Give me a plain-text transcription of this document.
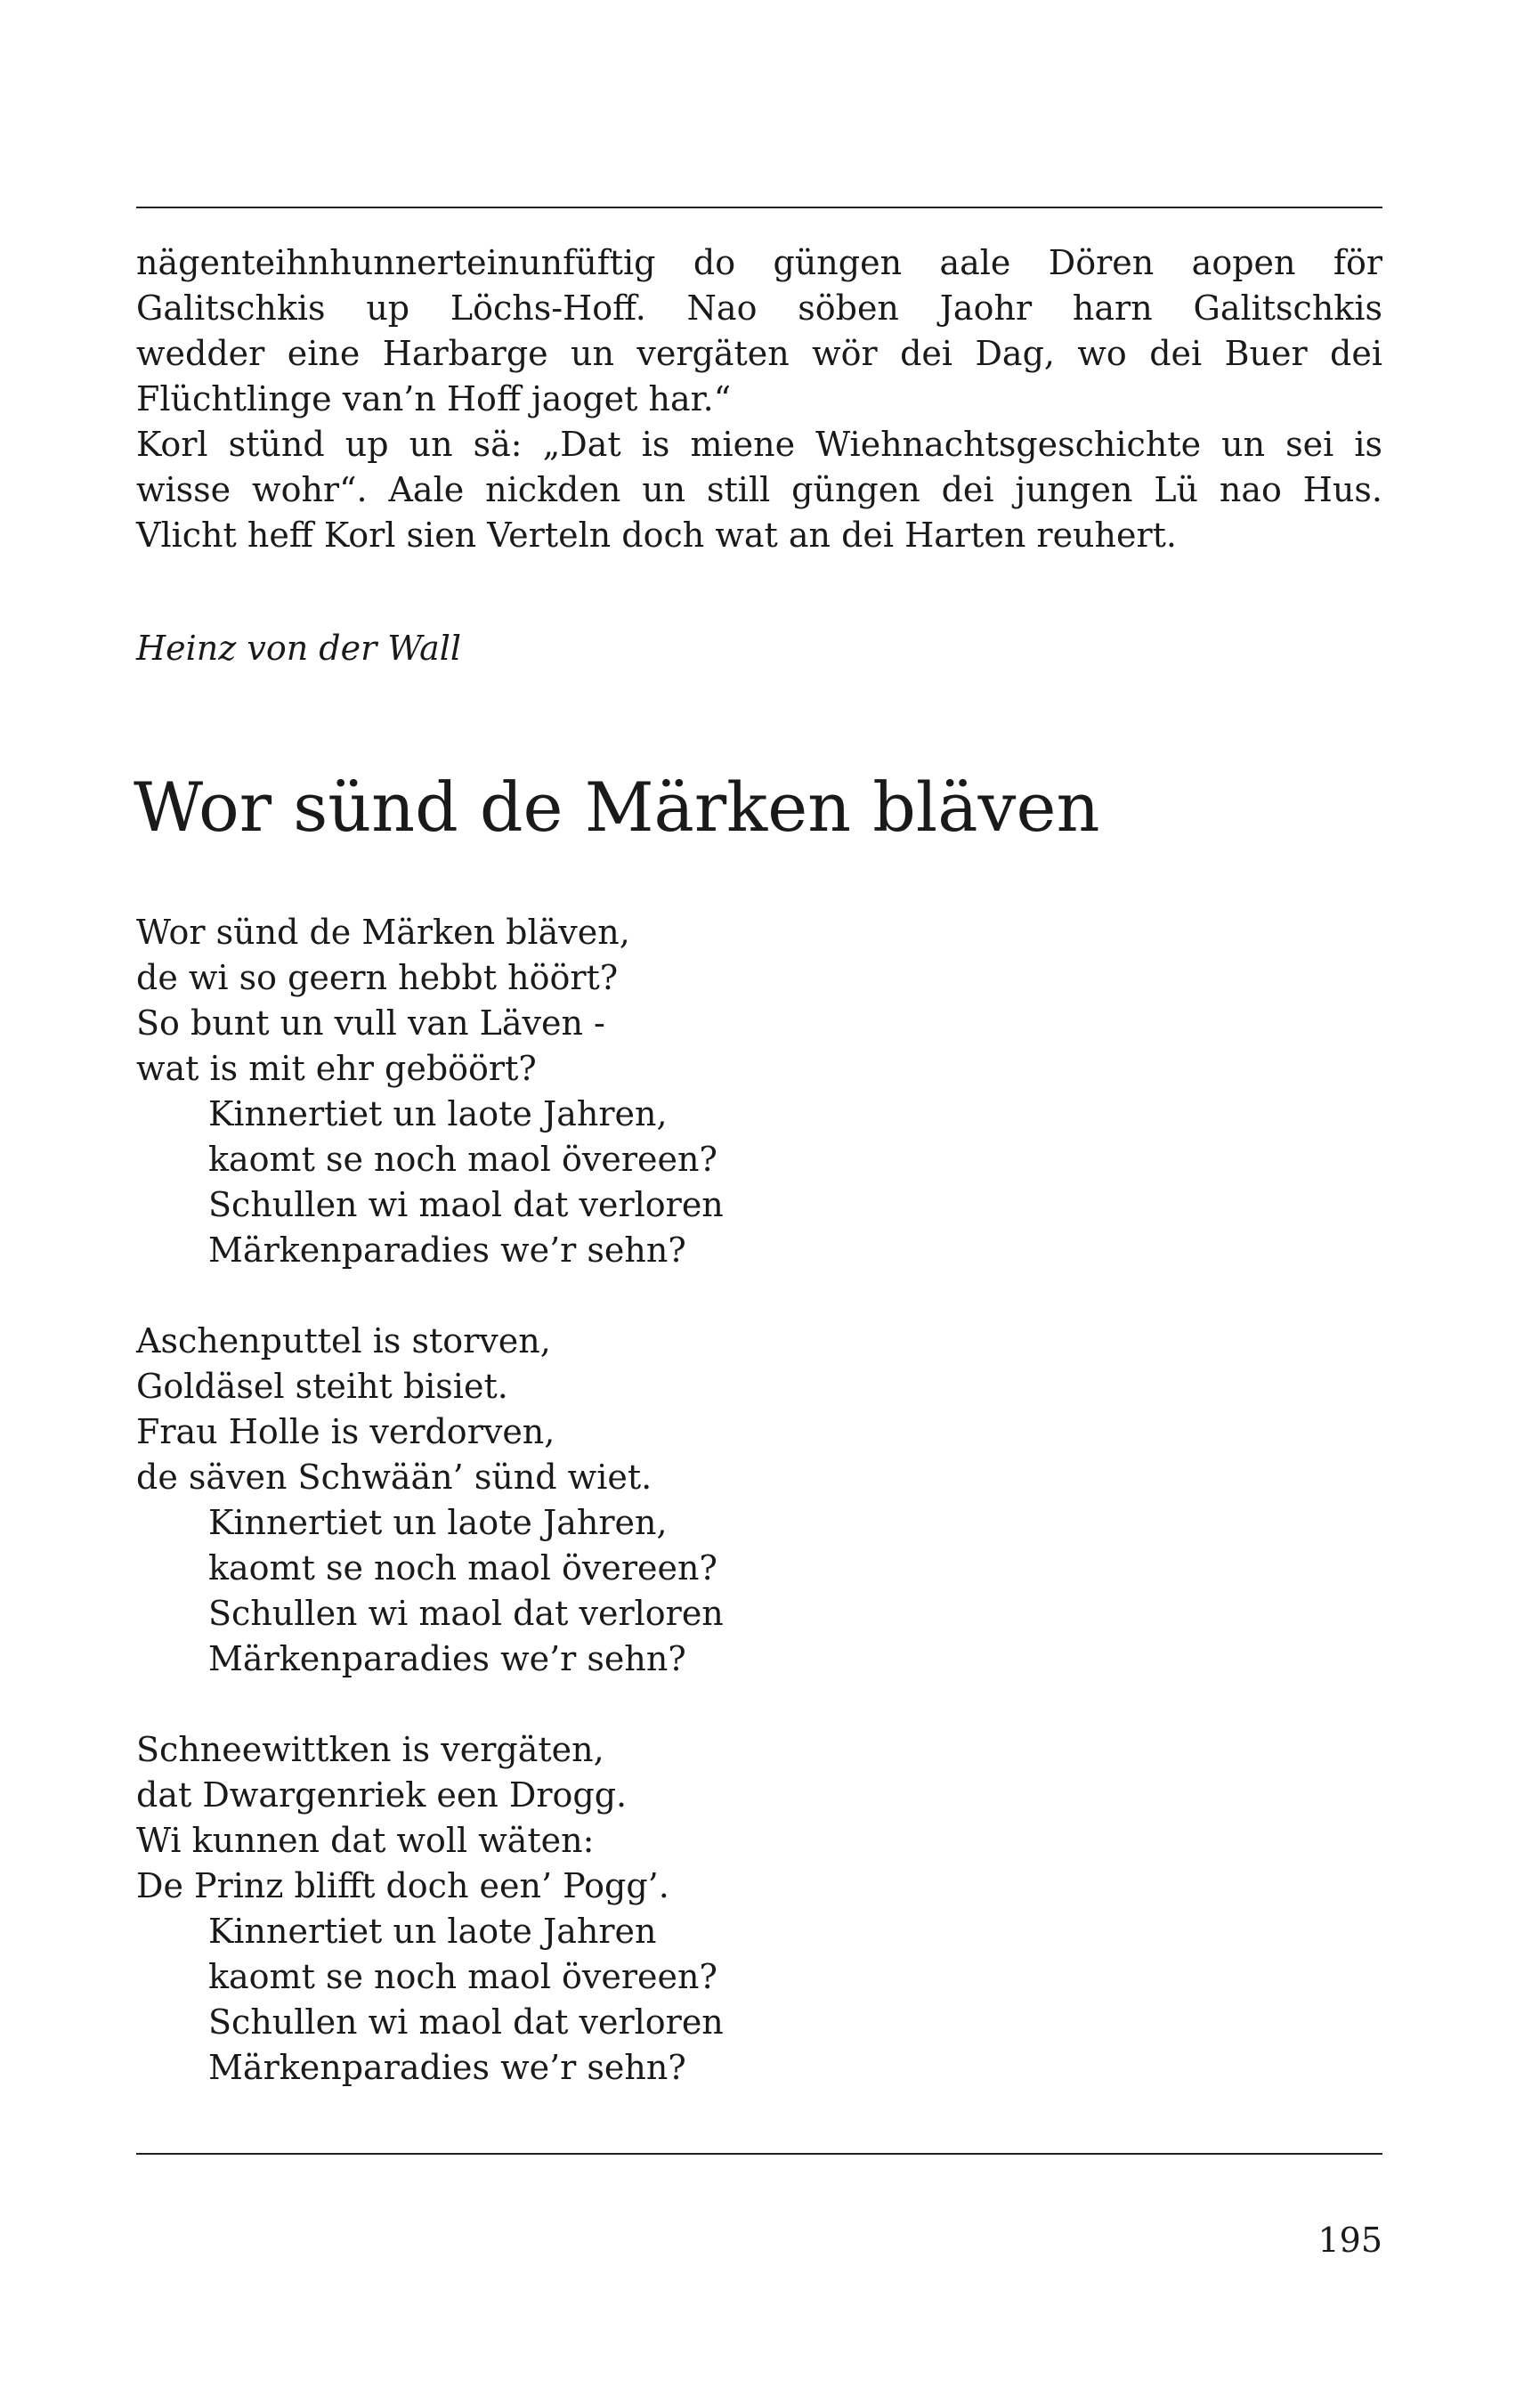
nägenteihnhunnerteinunfüftig do güngen aale Dören aopen för
Galitschkis up Löchs-Hoff. Nao söben Jaohr harn Galitschkis
wedder eine Harbarge un vergäten wör dei Dag, wo dei Buer dei
Flüchtlinge van’n Hoff jaoget har.“
Korl stünd up un sä: „Dat is miene Wiehnachtsgeschichte un sei is
wisse wohr“. Aale nickden un still güngen dei jungen Lü nao Hus.
Vlicht heff Korl sien Verteln doch wat an dei Harten reuhert.

Heinz von der Wall

Wor sünd de Märken bläven
Wor sünd de Märken bläven,
de wi so geern hebbt höört?
So bunt un vull van Läven -
wat is mit ehr geböört?
Kinnertiet un laote Jahren,
kaomt se noch maol övereen?
Schullen wi maol dat verloren
Märkenparadies we’r sehn?
Aschenputtel is storven,
Goldäsel steiht bisiet.
Frau Holle is verdorven,
de säven Schwään’ sünd wiet.
Kinnertiet un laote Jahren,
kaomt se noch maol övereen?
Schullen wi maol dat verloren
Märkenparadies we’r sehn?
Schneewittken is vergäten,
dat Dwargenriek een Drogg.
Wi kunnen dat woll wäten:
De Prinz blifft doch een’ Pogg’.
Kinnertiet un laote Jahren
kaomt se noch maol övereen?
Schullen wi maol dat verloren
Märkenparadies we’r sehn?

195
